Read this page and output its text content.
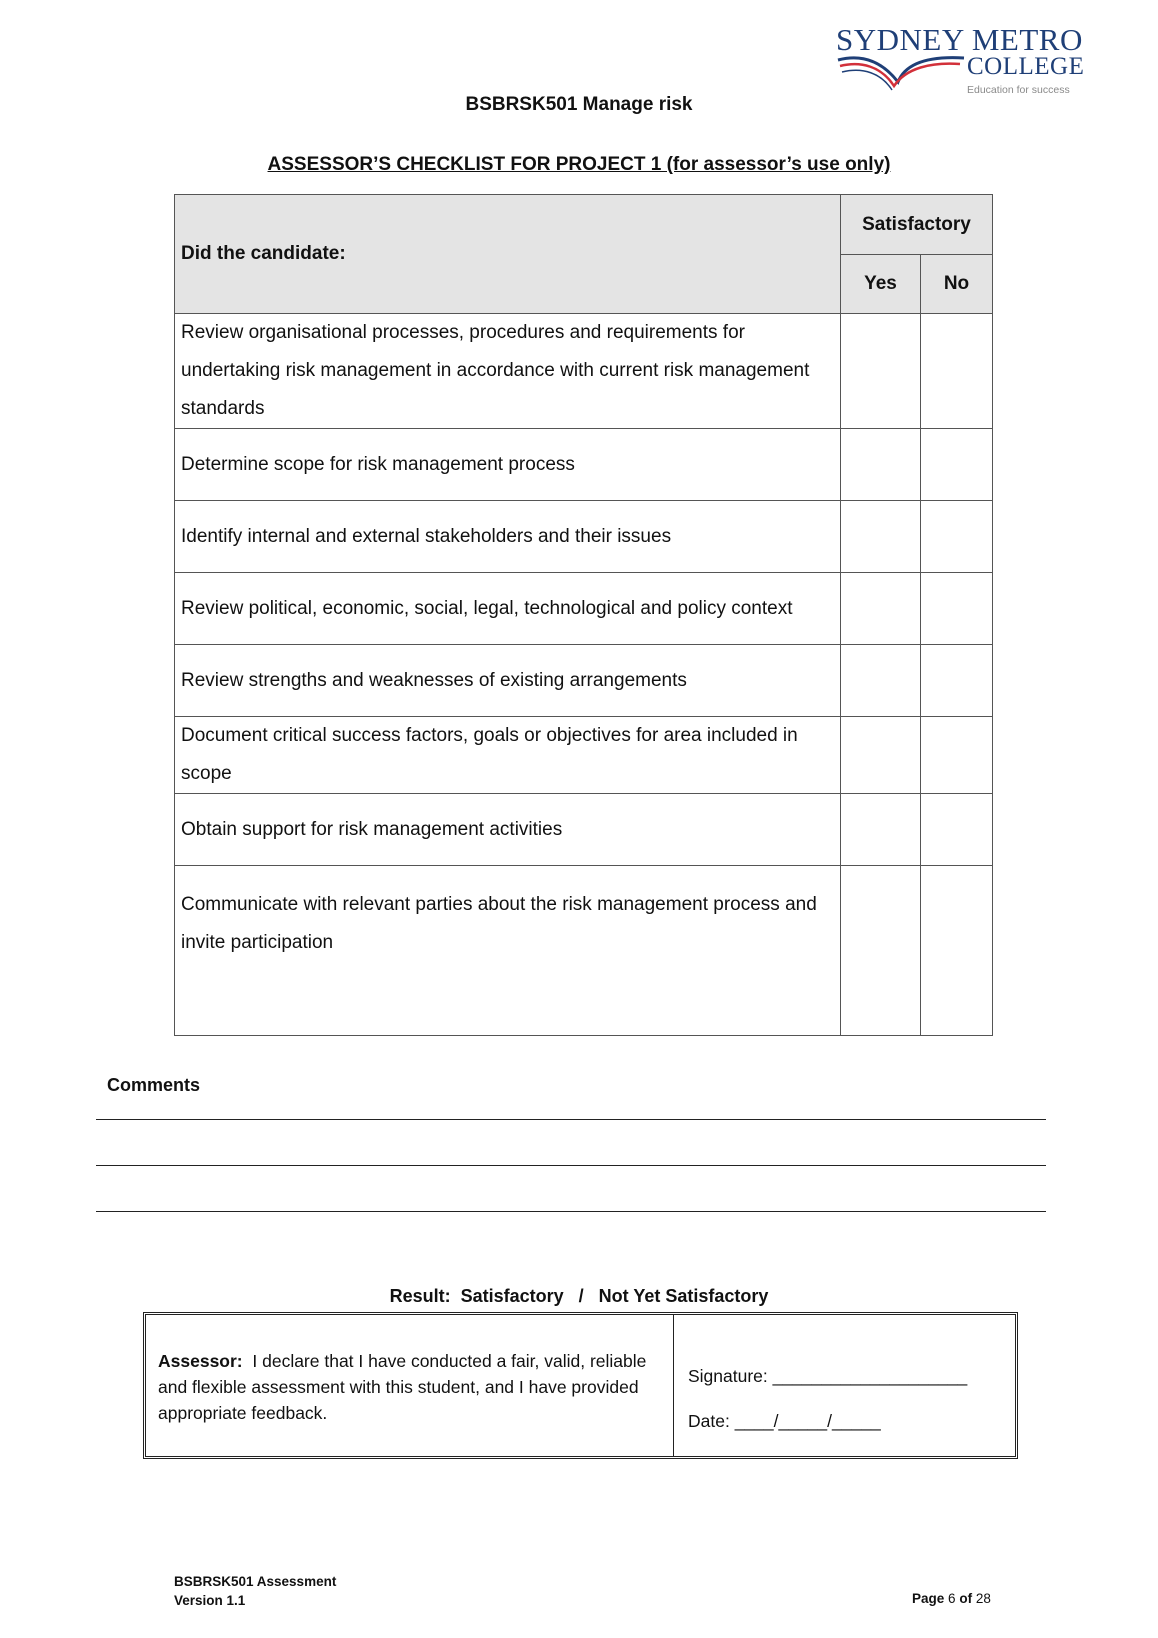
SYDNEY METRO
COLLEGE
Education for success
BSBRSK501 Manage risk
ASSESSOR’S CHECKLIST FOR PROJECT 1 (for assessor’s use only)
Did the candidate:	Satisfactory	
	Yes	No
Review organisational processes, procedures and requirements for undertaking risk management in accordance with current risk management standards		
Determine scope for risk management process		
Identify internal and external stakeholders and their issues		
Review political, economic, social, legal, technological and policy context		
Review strengths and weaknesses of existing arrangements		
Document critical success factors, goals or objectives for area included in scope		
Obtain support for risk management activities		
Communicate with relevant parties about the risk management process and invite participation		
Comments
Result:  Satisfactory   /   Not Yet Satisfactory
Assessor: I declare that I have conducted a fair, valid, reliable and flexible assessment with this student, and I have provided appropriate feedback.
Signature: ____________________
Date: ____/_____/_____
BSBRSK501 Assessment
Version 1.1	Page 6 of 28
